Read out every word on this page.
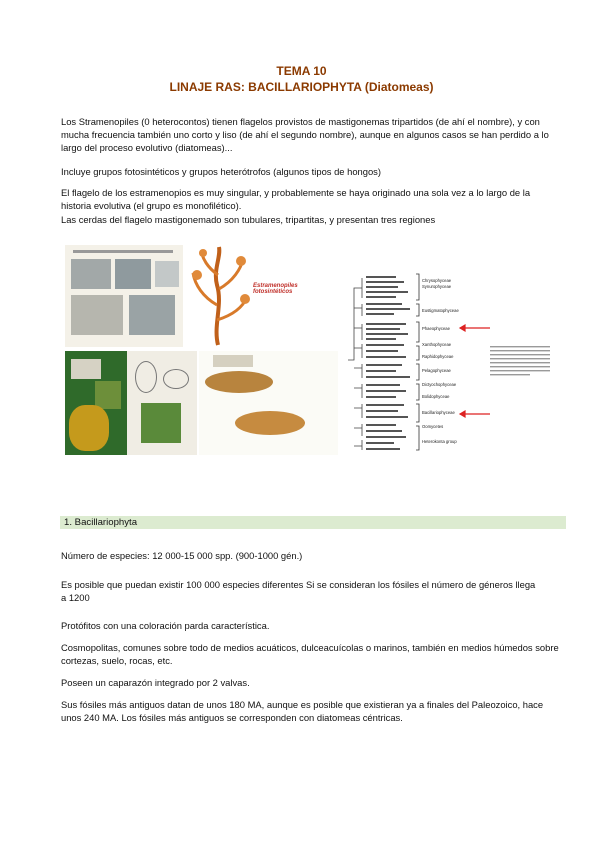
TEMA 10
LINAJE RAS: BACILLARIOPHYTA (Diatomeas)
Los Stramenopiles (0 heterocontos) tienen flagelos provistos de mastigonemas tripartidos (de ahí el nombre), y con mucha frecuencia también uno corto y liso (de ahí el segundo nombre), aunque en algunos casos se han perdido a lo largo del proceso evolutivo (diatomeas)...
Incluye grupos fotosintéticos y grupos heterótrofos (algunos tipos de hongos)
El flagelo de los estramenopios es muy singular, y probablemente se haya originado una sola vez a lo largo de la historia evolutiva (el grupo es monofilético).
Las cerdas del flagelo mastigonemado son tubulares, tripartitas, y presentan tres regiones
Estramenopiles fotosintéticos
Chrysophyceae
Synurophyceae
Eustigmatophyceae
Phaeophyceae
Xanthophyceae
Raphidophyceae
Pelagophyceae
Dictyochophyceae
Bolidophyceae
Bacillariophyceae
Oomycetes
Heterokonta group
1. Bacillariophyta
Número de especies: 12 000-15 000 spp. (900-1000 gén.)
Es posible que puedan existir 100 000 especies diferentes Si se consideran los fósiles el número de géneros llega a 1200
Protófitos con una coloración parda característica.
Cosmopolitas, comunes sobre todo de medios acuáticos, dulceacuícolas o marinos, también en medios húmedos sobre cortezas, suelo, rocas, etc.
Poseen un caparazón integrado por 2 valvas.
Sus fósiles más antiguos datan de unos 180 MA, aunque es posible que existieran ya a finales del Paleozoico, hace unos 240 MA. Los fósiles más antiguos se corresponden con diatomeas céntricas.
